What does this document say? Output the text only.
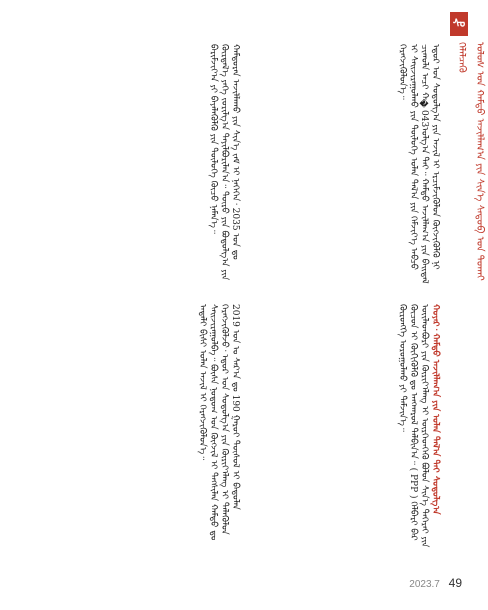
ᠰᠤ
ᠤᠯᠤᠰ ᠤᠨ ᠬᠠᠮᠲᠤ ᠠᠵᠢᠯᠯᠠᠭ᠎ᠠ ᠶᠢᠨ ᠰᠢᠨ᠎ᠡ ᠰᠡᠳᠦᠪ ᠤᠨ ᠲᠤᠬᠠᠢ ᠬᠡᠯᠡᠯᠴᠡᠬᠦ
ᠡᠳ᠋ᠦᠷ ᠤᠨ ᠰᠤᠳᠤᠯᠭ᠎ᠠ ᠶᠢᠨ ᠠᠵᠢᠯ ᠢ ᠡᠷᠴᠢᠮᠵᠢᠭᠦᠯᠦᠨ ᠬᠦᠭᠵᠢᠭᠦᠯᠬᠦ ᠨᠢ ᠴᠢᠬᠤᠯᠠ ᠠᠴᠢ ᠬ�043ᠤᠯᠭ᠎ᠠ ᠲᠠᠢ᠃ ᠬᠠᠮᠲᠤ ᠠᠵᠢᠯᠯᠠᠭ᠎ᠠ ᠶᠢᠨ ᠪᠠᠢᠳᠠᠯ ᠢ ᠰᠠᠢᠵᠢᠷᠠᠭᠤᠯᠬᠤ ᠶᠢᠨ ᠲᠥᠯᠦᠭᠡ ᠣᠯᠠᠨ ᠲᠠᠯ᠎ᠠ ᠶᠢᠨ ᠬᠡᠮᠵᠢᠶ᠎ᠡ ᠠᠪᠴᠤ ᠬᠡᠷᠡᠭᠵᠢᠭᠦᠯᠦᠨ᠎ᠡ᠃
ᠬᠤᠶᠠᠷ᠂ ᠬᠠᠮᠲᠤ ᠠᠵᠢᠯᠯᠠᠭ᠎ᠠ ᠶᠢᠨ ᠣᠯᠠᠨ ᠲᠠᠯ᠎ᠠ ᠲᠠᠢ ᠰᠤᠳᠤᠯᠭ᠎ᠠ ᠦᠢᠯᠡᠳᠪᠦᠷᠢ ᠶᠢᠨ ᠬᠦᠷᠢᠶ᠎ᠡᠯᠡᠩ ᠢ ᠥᠷᠭᠡᠳᠬᠡᠬᠦ ᠪᠣᠯᠤᠨ ᠰᠢᠨ᠎ᠡ ᠲᠡᠭᠡᠷᠡᠢ ᠶᠢᠨ ᠬᠦᠴᠦᠨ ᠢ ᠬᠥᠬᠢᠭᠦᠯᠬᠦ ᠳᠤ ᠠᠨᠭᠬᠠᠷᠤᠯ ᠲᠠᠯᠪᠢᠨ᠎ᠠ᠃ ( PPP ) ᠬᠡᠯᠪᠡᠷᠢ ᠪᠡᠷ ᠬᠥᠷᠦᠩᠭᠡ ᠣᠷᠤᠭᠤᠯᠬᠤ ᠶᠢ ᠳᠡᠮᠵᠢᠨ᠎ᠡ᠃
ᠬᠠᠮᠲᠤᠷᠠᠨ ᠠᠵᠢᠯᠯᠠᠬᠤ ᠶᠢᠨ ᠰᠢᠨ᠎ᠡ ᠵᠠᠮ ᠢ ᠨᠡᠭᠡᠭᠡᠨ᠂ 2035 ᠣᠨ ᠳᠤ ᠬᠦᠷᠲᠡᠯ᠎ᠡ ᠶᠡᠬᠡ ᠵᠣᠷᠢᠯᠭ᠎ᠠ ᠲᠠᠶᠢᠯᠪᠤᠷᠢᠯᠠᠨ᠎ᠠ᠃ ᠲᠥᠷᠥ ᠶᠢᠨ ᠪᠣᠳᠤᠯᠭ᠎ᠠ ᠶᠢᠨ ᠪᠠᠷᠢᠮᠵᠢᠶ᠎ᠠ ᠶᠢ ᠪᠡᠶᠡᠯᠡᠭᠦᠯᠬᠦ ᠶᠢᠨ ᠲᠥᠯᠦᠭᠡ ᠬᠦᠴᠦ ᠨᠡᠮᠡᠨ᠎ᠡ᠃
2019 ᠣᠨ ᠤ ᠰᠠᠷ᠎ᠠ ᠳᠤ 190 ᠭᠠᠷᠤᠢ ᠲᠥᠰᠦᠯ ᠢ ᠪᠠᠲᠤᠯᠠᠨ ᠬᠡᠷᠡᠭᠵᠢᠭᠦᠯᠵᠦ᠂ ᠡᠳ᠋ᠦᠷ ᠤᠨ ᠰᠤᠳᠤᠯᠭ᠎ᠠ ᠶᠢᠨ ᠬᠦᠷᠢᠶ᠎ᠡᠯᠡᠩ ᠢ ᠲᠡᠯᠡᠭᠦᠯᠦᠨ ᠰᠠᠢᠵᠢᠷᠠᠭᠤᠯᠪᠠ᠃ ᠪᠦᠰᠡ ᠨᠤᠲᠤᠭ ᠤᠨ ᠬᠥᠭᠵᠢᠯ ᠢ ᠲᠡᠭᠰᠢᠯᠡᠨ ᠬᠠᠮᠲᠤ ᠳᠤ ᠠᠳᠠᠯᠢ ᠪᠢᠰᠢ ᠣᠯᠠᠨ ᠠᠵᠢᠯ ᠢ ᠬᠡᠷᠡᠭᠵᠢᠭᠦᠯᠦᠨ᠎ᠡ᠃
2023.7 49
